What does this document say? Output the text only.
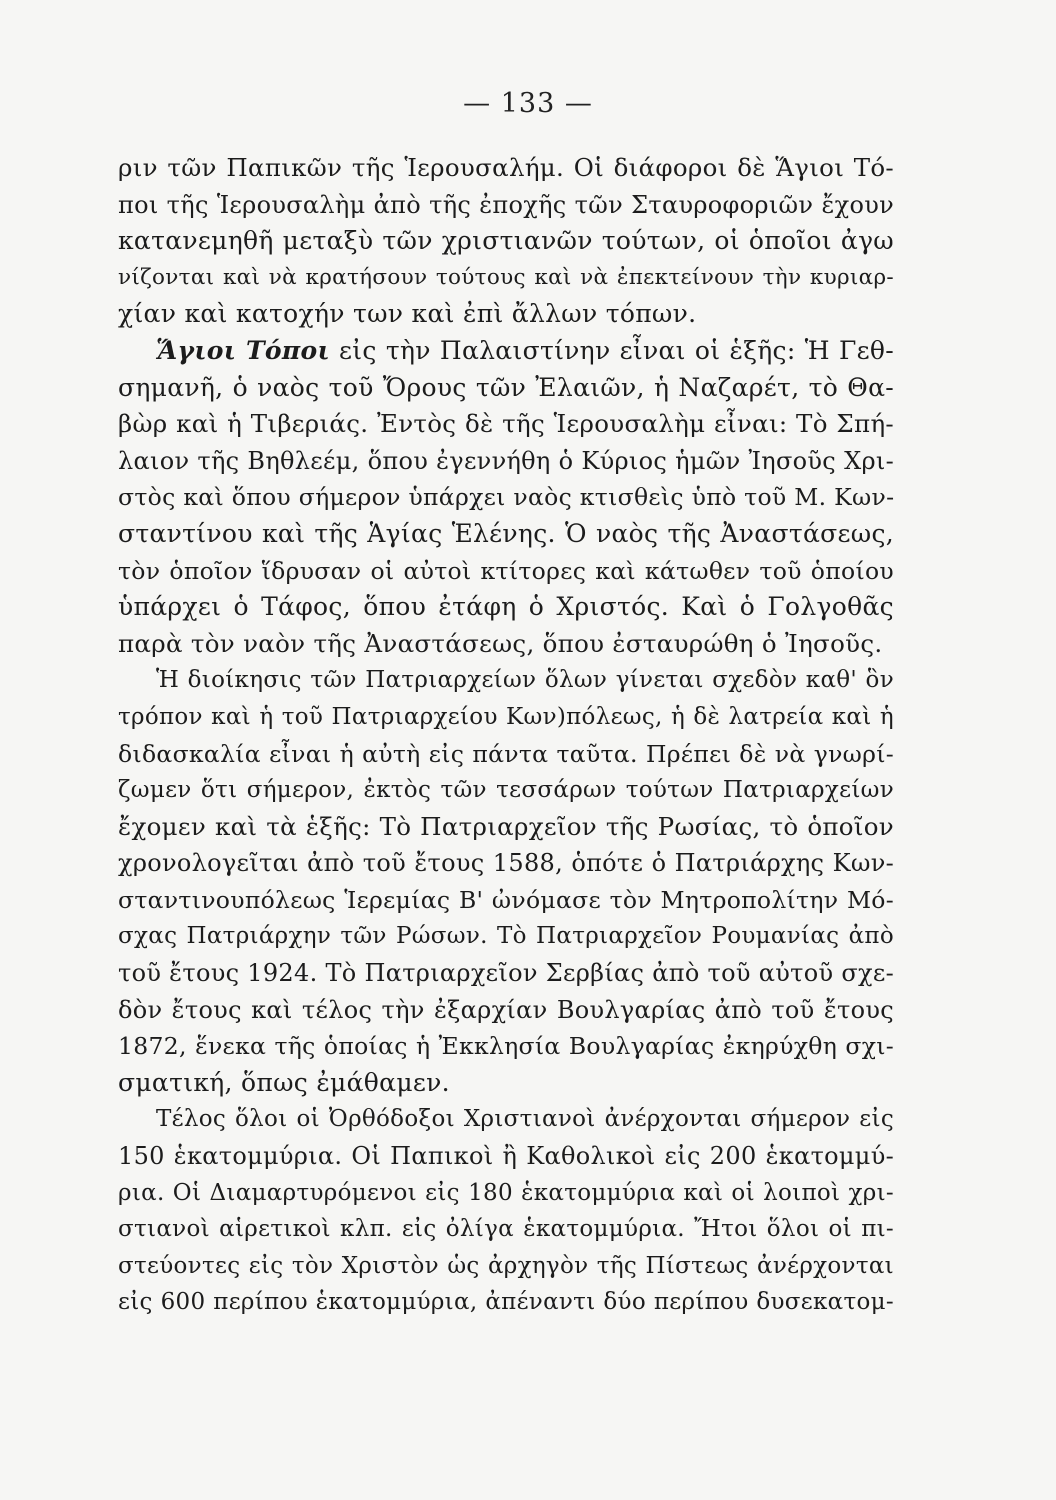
— 133 —
ριν τῶν Παπικῶν τῆς Ἱερουσαλήμ. Οἱ διάφοροι δὲ Ἅγιοι Τό-
ποι τῆς Ἱερουσαλὴμ ἀπὸ τῆς ἐποχῆς τῶν Σταυροφοριῶν ἔχουν
κατανεμηθῆ μεταξὺ τῶν χριστιανῶν τούτων, οἱ ὁποῖοι ἀγω
νίζονται καὶ νὰ κρατήσουν τούτους καὶ νὰ ἐπεκτείνουν τὴν κυριαρ-
χίαν καὶ κατοχήν των καὶ ἐπὶ ἄλλων τόπων.
Ἅγιοι Τόποι εἰς τὴν Παλαιστίνην εἶναι οἱ ἑξῆς: Ἡ Γεθ-
σημανῆ, ὁ ναὸς τοῦ Ὄρους τῶν Ἐλαιῶν, ἡ Ναζαρέτ, τὸ Θα-
βὼρ καὶ ἡ Τιβεριάς. Ἐντὸς δὲ τῆς Ἱερουσαλὴμ εἶναι: Τὸ Σπή-
λαιον τῆς Βηθλεέμ, ὅπου ἐγεννήθη ὁ Κύριος ἡμῶν Ἰησοῦς Χρι-
στὸς καὶ ὅπου σήμερον ὑπάρχει ναὸς κτισθεὶς ὑπὸ τοῦ Μ. Κων-
σταντίνου καὶ τῆς Ἁγίας Ἑλένης. Ὁ ναὸς τῆς Ἀναστάσεως,
τὸν ὁποῖον ἵδρυσαν οἱ αὐτοὶ κτίτορες καὶ κάτωθεν τοῦ ὁποίου
ὑπάρχει ὁ Τάφος, ὅπου ἐτάφη ὁ Χριστός. Καὶ ὁ Γολγοθᾶς
παρὰ τὸν ναὸν τῆς Ἀναστάσεως, ὅπου ἐσταυρώθη ὁ Ἰησοῦς.
Ἡ διοίκησις τῶν Πατριαρχείων ὅλων γίνεται σχεδὸν καθ' ὃν
τρόπον καὶ ἡ τοῦ Πατριαρχείου Κων)πόλεως, ἡ δὲ λατρεία καὶ ἡ
διδασκαλία εἶναι ἡ αὐτὴ εἰς πάντα ταῦτα. Πρέπει δὲ νὰ γνωρί-
ζωμεν ὅτι σήμερον, ἐκτὸς τῶν τεσσάρων τούτων Πατριαρχείων
ἔχομεν καὶ τὰ ἑξῆς: Τὸ Πατριαρχεῖον τῆς Ρωσίας, τὸ ὁποῖον
χρονολογεῖται ἀπὸ τοῦ ἔτους 1588, ὁπότε ὁ Πατριάρχης Κων-
σταντινουπόλεως Ἱερεμίας Β' ὠνόμασε τὸν Μητροπολίτην Μό-
σχας Πατριάρχην τῶν Ρώσων. Τὸ Πατριαρχεῖον Ρουμανίας ἀπὸ
τοῦ ἔτους 1924. Τὸ Πατριαρχεῖον Σερβίας ἀπὸ τοῦ αὐτοῦ σχε-
δὸν ἔτους καὶ τέλος τὴν ἐξαρχίαν Βουλγαρίας ἀπὸ τοῦ ἔτους
1872, ἕνεκα τῆς ὁποίας ἡ Ἐκκλησία Βουλγαρίας ἐκηρύχθη σχι-
σματική, ὅπως ἐμάθαμεν.
Τέλος ὅλοι οἱ Ὀρθόδοξοι Χριστιανοὶ ἀνέρχονται σήμερον εἰς
150 ἑκατομμύρια. Οἱ Παπικοὶ ἢ Καθολικοὶ εἰς 200 ἑκατομμύ-
ρια. Οἱ Διαμαρτυρόμενοι εἰς 180 ἑκατομμύρια καὶ οἱ λοιποὶ χρι-
στιανοὶ αἱρετικοὶ κλπ. εἰς ὀλίγα ἑκατομμύρια. Ἤτοι ὅλοι οἱ πι-
στεύοντες εἰς τὸν Χριστὸν ὡς ἀρχηγὸν τῆς Πίστεως ἀνέρχονται
εἰς 600 περίπου ἑκατομμύρια, ἀπέναντι δύο περίπου δυσεκατομ-
